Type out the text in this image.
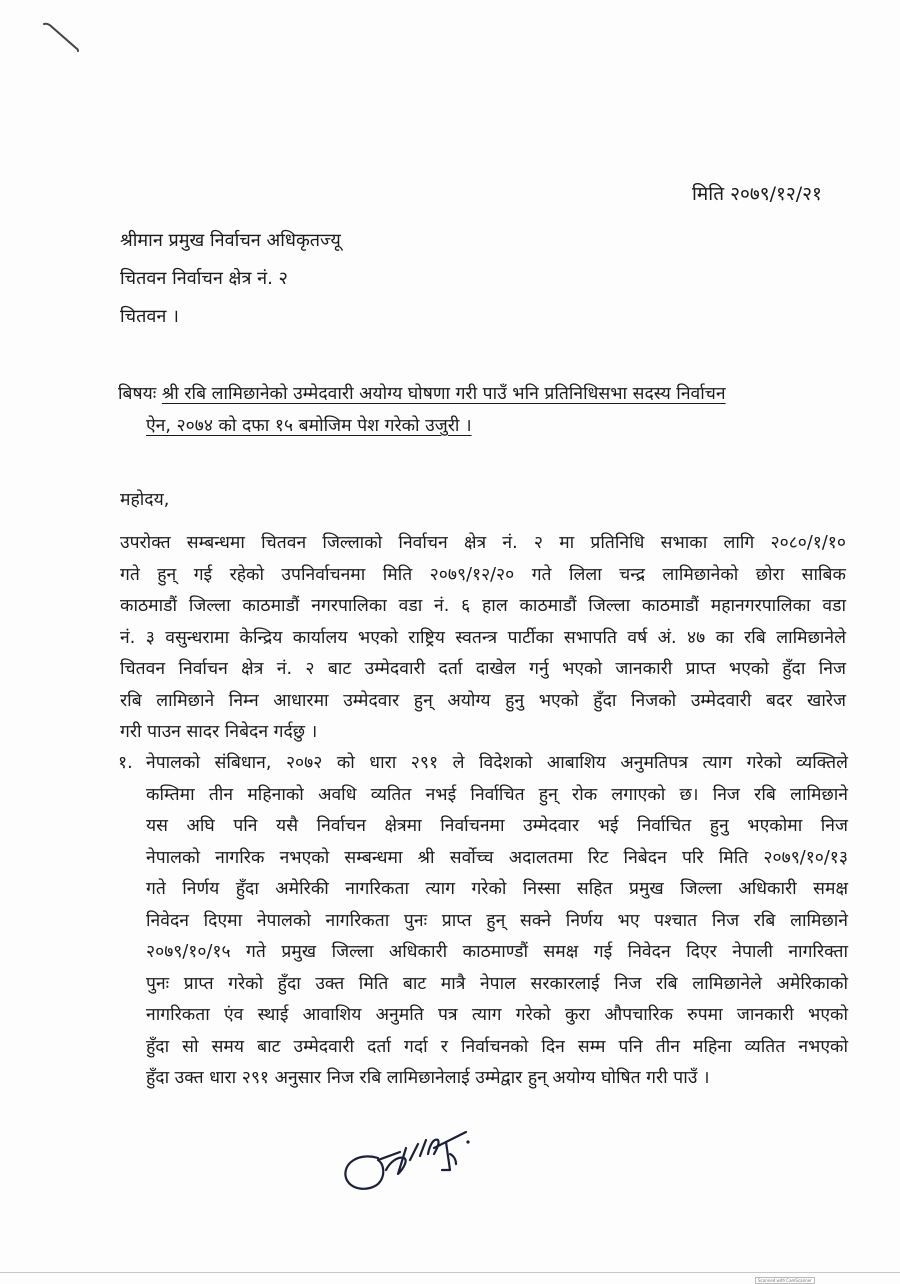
मिति २०७९/१२/२१
श्रीमान प्रमुख निर्वाचन अधिकृतज्यू
चितवन निर्वाचन क्षेत्र नं. २
चितवन ।
बिषयः श्री रबि लामिछानेको उम्मेदवारी अयोग्य घोषणा गरी पाउँ भनि प्रतिनिधिसभा सदस्य निर्वाचन
ऐन, २०७४ को दफा १५ बमोजिम पेश गरेको उजुरी ।
महोदय,
उपरोक्त सम्बन्धमा चितवन जिल्लाको निर्वाचन क्षेत्र नं. २ मा प्रतिनिधि सभाका लागि २०८०/१/१०
गते हुन् गई रहेको उपनिर्वाचनमा मिति २०७९/१२/२० गते लिला चन्द्र लामिछानेको छोरा साबिक
काठमाडौं जिल्ला काठमाडौं नगरपालिका वडा नं. ६ हाल काठमाडौं जिल्ला काठमाडौं महानगरपालिका वडा
नं. ३ वसुन्धरामा केन्द्रिय कार्यालय भएको राष्ट्रिय स्वतन्त्र पार्टीका सभापति वर्ष अं. ४७ का रबि लामिछानेले
चितवन निर्वाचन क्षेत्र नं. २ बाट उम्मेदवारी दर्ता दाखेल गर्नु भएको जानकारी प्राप्त भएको हुँदा निज
रबि लामिछाने निम्न आधारमा उम्मेदवार हुन् अयोग्य हुनु भएको हुँदा निजको उम्मेदवारी बदर खारेज
गरी पाउन सादर निबेदन गर्दछु ।
१. नेपालको संबिधान, २०७२ को धारा २९१ ले विदेशको आबाशिय अनुमतिपत्र त्याग गरेको व्यक्तिले
कम्तिमा तीन महिनाको अवधि व्यतित नभई निर्वाचित हुन् रोक लगाएको छ। निज रबि लामिछाने
यस अघि पनि यसै निर्वाचन क्षेत्रमा निर्वाचनमा उम्मेदवार भई निर्वाचित हुनु भएकोमा निज
नेपालको नागरिक नभएको सम्बन्धमा श्री सर्वोच्च अदालतमा रिट निबेदन परि मिति २०७९/१०/१३
गते निर्णय हुँदा अमेरिकी नागरिकता त्याग गरेको निस्सा सहित प्रमुख जिल्ला अधिकारी समक्ष
निवेदन दिएमा नेपालको नागरिकता पुनः प्राप्त हुन् सक्ने निर्णय भए पश्चात निज रबि लामिछाने
२०७९/१०/१५ गते प्रमुख जिल्ला अधिकारी काठमाण्डौं समक्ष गई निवेदन दिएर नेपाली नागरिक्ता
पुनः प्राप्त गरेको हुँदा उक्त मिति बाट मात्रै नेपाल सरकारलाई निज रबि लामिछानेले अमेरिकाको
नागरिकता एंव स्थाई आवाशिय अनुमति पत्र त्याग गरेको कुरा औपचारिक रुपमा जानकारी भएको
हुँदा सो समय बाट उम्मेदवारी दर्ता गर्दा र निर्वाचनको दिन सम्म पनि तीन महिना व्यतित नभएको
हुँदा उक्त धारा २९१ अनुसार निज रबि लामिछानेलाई उम्मेद्वार हुन् अयोग्य घोषित गरी पाउँ ।
Scanned with CamScanner
